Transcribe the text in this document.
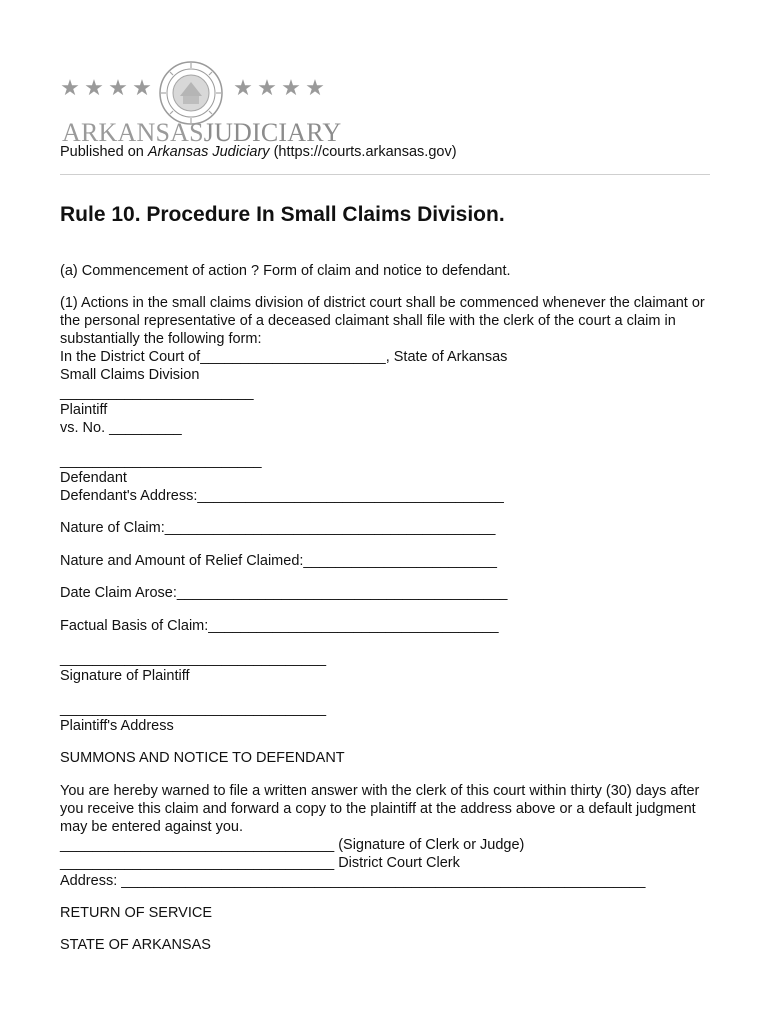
★ ★ ★ ★	★ ★ ★ ★
ARKANSASJUDICIARY
Published on Arkansas Judiciary (https://courts.arkansas.gov)
Rule 10. Procedure In Small Claims Division.
(a) Commencement of action ? Form of claim and notice to defendant.
(1) Actions in the small claims division of district court shall be commenced whenever the claimant or the personal representative of a deceased claimant shall file with the clerk of the court a claim in substantially the following form:
In the District Court of_______________________, State of Arkansas
Small Claims Division
________________________
Plaintiff
vs. No. _________
_________________________
Defendant
Defendant's Address:______________________________________
Nature of Claim:_________________________________________
Nature and Amount of Relief Claimed:________________________
Date Claim Arose:_________________________________________
Factual Basis of Claim:____________________________________
_________________________________
Signature of Plaintiff
_________________________________
Plaintiff's Address
SUMMONS AND NOTICE TO DEFENDANT
You are hereby warned to file a written answer with the clerk of this court within thirty (30) days after you receive this claim and forward a copy to the plaintiff at the address above or a default judgment may be entered against you.
__________________________________ (Signature of Clerk or Judge)
__________________________________ District Court Clerk
Address: _________________________________________________________________
RETURN OF SERVICE
STATE OF ARKANSAS
